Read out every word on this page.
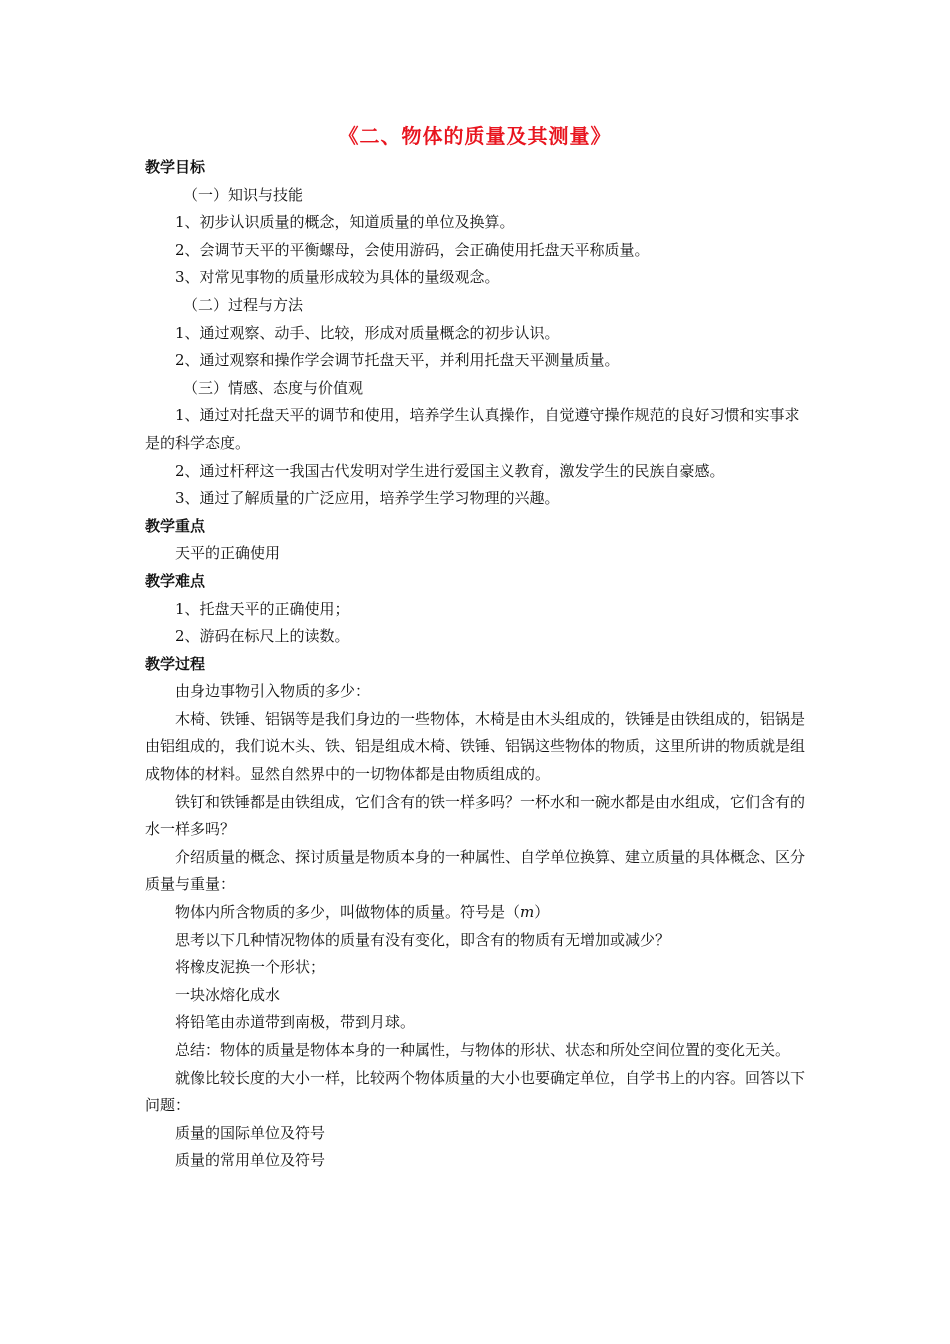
《二、物体的质量及其测量》

教学目标

（一）知识与技能

1、初步认识质量的概念，知道质量的单位及换算。

2、会调节天平的平衡螺母，会使用游码，会正确使用托盘天平称质量。

3、对常见事物的质量形成较为具体的量级观念。

（二）过程与方法

1、通过观察、动手、比较，形成对质量概念的初步认识。

2、通过观察和操作学会调节托盘天平，并利用托盘天平测量质量。

（三）情感、态度与价值观

1、通过对托盘天平的调节和使用，培养学生认真操作，自觉遵守操作规范的良好习惯和实事求是的科学态度。

2、通过杆秤这一我国古代发明对学生进行爱国主义教育，激发学生的民族自豪感。

3、通过了解质量的广泛应用，培养学生学习物理的兴趣。

教学重点

天平的正确使用

教学难点

1、托盘天平的正确使用；

2、游码在标尺上的读数。

教学过程

由身边事物引入物质的多少：

木椅、铁锤、铝锅等是我们身边的一些物体，木椅是由木头组成的，铁锤是由铁组成的，铝锅是由铝组成的，我们说木头、铁、铝是组成木椅、铁锤、铝锅这些物体的物质，这里所讲的物质就是组成物体的材料。显然自然界中的一切物体都是由物质组成的。

铁钉和铁锤都是由铁组成，它们含有的铁一样多吗？一杯水和一碗水都是由水组成，它们含有的水一样多吗？

介绍质量的概念、探讨质量是物质本身的一种属性、自学单位换算、建立质量的具体概念、区分质量与重量：

物体内所含物质的多少，叫做物体的质量。符号是（m）

思考以下几种情况物体的质量有没有变化，即含有的物质有无增加或减少？

将橡皮泥换一个形状；

一块冰熔化成水

将铅笔由赤道带到南极，带到月球。

总结：物体的质量是物体本身的一种属性，与物体的形状、状态和所处空间位置的变化无关。

就像比较长度的大小一样，比较两个物体质量的大小也要确定单位，自学书上的内容。回答以下问题：

质量的国际单位及符号

质量的常用单位及符号
